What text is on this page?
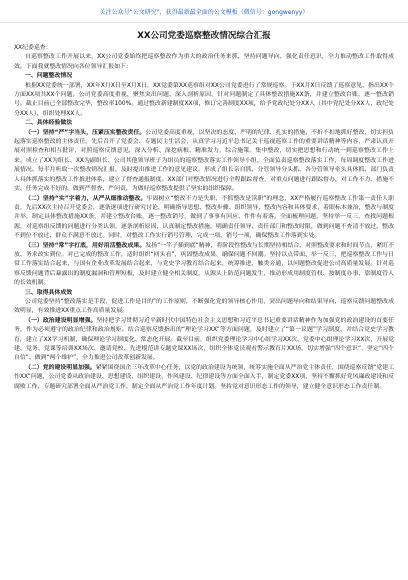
关注公众号“公文研究”，获得最新最全面的公文模板（微信号：gongwenyy）
XX公司党委巡察整改情况综合汇报

XX纪委巡查：

自巡察整改工作开展以来，XX公司党委始终把巡察整改作为重大的政治任务来抓，坚持问题导向，强化责任意识，全力推动整改工作取得成效。下面我就整改情况向各位领导汇报如下：

一、问题整改情况

根据XX党委统一部署，XX年X月X日至X月X日，XX党委第XX巡察组对XX公司党委进行了常规巡察。于XX月X日反馈了巡察意见，指出XX个方面XX项共XX个问题。公司党委高度重视，聚焦突出问题、深入剖析原因，针对问题制定了具体整改措施XX条，并建立整改台账，逐一整改销号。截止目前已全部整改完毕，整改率100%。通过整改新建制度XX项，修订完善制度XX项，给予党政纪处分XX人（其中党纪处分XX人，政纪处分XX人），组织处理XX人。

二、具体经验做法

（一）坚持“严”字当头，压紧压实整改责任。公司党委高度重视，以坚决的态度、严明的纪律、扎实的措施，不折不扣地抓好整改，切实担负起落实巡察整改的主体责任。先后召开了党委会、专题民主生活会，从真学习习近平总书记关于巡视巡察工作的重要讲话精神等内容，严肃认真开展对照检查和相互批评，对照巡察反馈意见，深入分析、深挖病根、精准发力，综合施策。集中整改，切实把思想和行动统一到巡察整改工作上来。成立了XX为组长、XX为副组长、公司其他领导班子为组员的巡察整改落实工作领导小组，全面负责巡察整改落实工作，每周调度整改工作进展情况。每半月听取一次整改情况汇报，及时提出推进工作的意见建议。形成了组长亲自抓、分管领导分头抓、各分管领导牵头具体抓、部门负责人具体抓落实的整改工作推进体系，建立了督查通报制度。XX部门对整改情况进行全程跟踪督查，对重点问题进行跟踪督办，对工作不力、措施不实、任务完成不好的，做到严督查、严问责，为做好巡察整改提供了坚实的组织保障。

（二）坚持“实”字着力，从严从细推动整改。牢固树立“整改不力是失职，不抓整改是渎职”的理念，XX严格履行巡察整改工作第一责任人职责，先后XX次主持召开党委会，逐条逐项进行研究讨论，明确指导思想、整改步骤、组织领导、整改内容和具体要求，着眼标本兼治，整改与制度并举，制定具体整改措施XX条，并建立整改台账，逐一整改销号，做到了事事有回应、件件有着落。全面梳理问题，坚持举一反三，查找问题根源，对巡察组反馈的问题进行分类认领，逐条剖析原因，认真制定整改措施，明确责任领导、责任部门和整改时限，做到问题不查清不放过、整改不到位不放过、群众不满意不放过。同时，对整改工作实行销号管理，完成一项、销号一项，确保整改工作落到实处。

（三）坚持“常”字打底，用好用活整改成果。发扬“一竿子插到底”精神，将阶段性整改与长期坚持相结合，对照整改要求和时间节点，紧盯不放、务求改实到位。对已完成的整改工作，适时组织“回头看”，巩固整改成果，确保问题不回潮。坚持以点带面、举一反三，把巡察整改工作与日常工作落实结合起来，与国有企业改革发展结合起来，与党史学习教育结合起来，统筹推进，触类旁通，以问题整改促进公司高质量发展。针对巡察反馈问题背后暴露出的制度漏洞和管理短板，及时建立健全相关制度，从源头上防范问题发生，推动形成用制度管权、按制度办事、靠制度管人的长效机制。

三、取得具体成效

公司党委坚持“整改落实是手段，促进工作是目的”的工作原则，不断强化党的领导核心作用，突出问题导向和结果导向，巡察反馈问题整改成效明显，有效推进XX重点工作高质量发展。

（一）政治建设明显增强。坚持把学习贯彻习近平新时代中国特色社会主义思想和习近平总书记重要讲话精神作为加强党的政治建设的首要任务，作为必须遵守的政治纪律和政治规矩。结合巡察反馈指出的“理论学习XX”等方面问题，及时建立了“第一议题”学习制度，并结合党史学习教育，建立了XX学习机制，确保理论学习制度化、常态化开展。截至目前，组织党委理论学习中心组学习XX次、党委中心组理论学习XX次，开展党建、党务、党课等培训XX场次、邀请党校、先进模范讲专题党课XX场次，组织全体党员观看警示教育片XX场，切实增强“四个意识”、坚定“四个自信”、做到“两个维护”，全力推进公司改革创新发展。

（二）党的建设明显加强。紧紧围绕国企三年改革中心任务，以党的政治建设为统领，统筹实施全面从严治党主体责任，围绕巡察反馈“党建工作XX”问题，公司党委从政治建设、思想建设、组织建设、作风建设、纪律建设等方面全面入手，制定党委XX项，坚持不懈抓好党风廉政建设和反腐败工作，专题研究部署全面从严治党工作，制定全面从严治党工作年度计划。坚持党对意识形态工作的领导，建立健全意识形态工作责任制。
